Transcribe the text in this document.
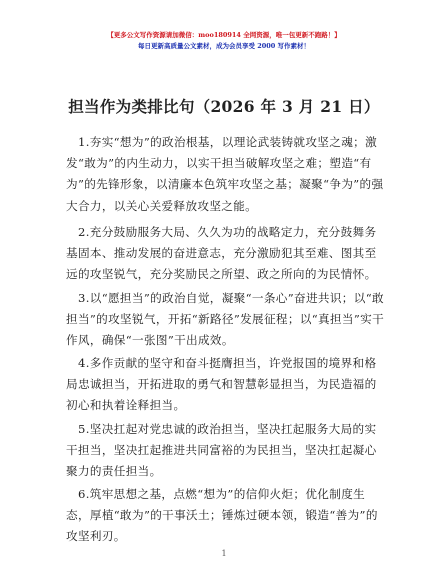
【更多公文写作资源请加微信：moo180914 全网资源，唯一包更新不跑路！】
每日更新高质量公文素材，成为会员享受 2000 写作素材！
担当作为类排比句（2026 年 3 月 21 日）

1.夯实“想为”的政治根基，以理论武装铸就攻坚之魂；激发“敢为”的内生动力，以实干担当破解攻坚之难；塑造“有为”的先锋形象，以清廉本色筑牢攻坚之基；凝聚“争为”的强大合力，以关心关爱释放攻坚之能。

2.充分鼓励服务大局、久久为功的战略定力，充分鼓舞务基固本、推动发展的奋进意志，充分激励犯其至难、图其至远的攻坚锐气，充分奖励民之所望、政之所向的为民情怀。

3.以“愿担当”的政治自觉，凝聚“一条心”奋进共识；以“敢担当”的攻坚锐气，开拓“新路径”发展征程；以“真担当”实干作风，确保“一张图”干出成效。

4.多作贡献的坚守和奋斗挺膺担当，许党报国的境界和格局忠诚担当，开拓进取的勇气和智慧彰显担当，为民造福的初心和执着诠释担当。

5.坚决扛起对党忠诚的政治担当，坚决扛起服务大局的实干担当，坚决扛起推进共同富裕的为民担当，坚决扛起凝心聚力的责任担当。

6.筑牢思想之基，点燃“想为”的信仰火炬；优化制度生态，厚植“敢为”的干事沃土；锤炼过硬本领，锻造“善为”的攻坚利刃。

1
